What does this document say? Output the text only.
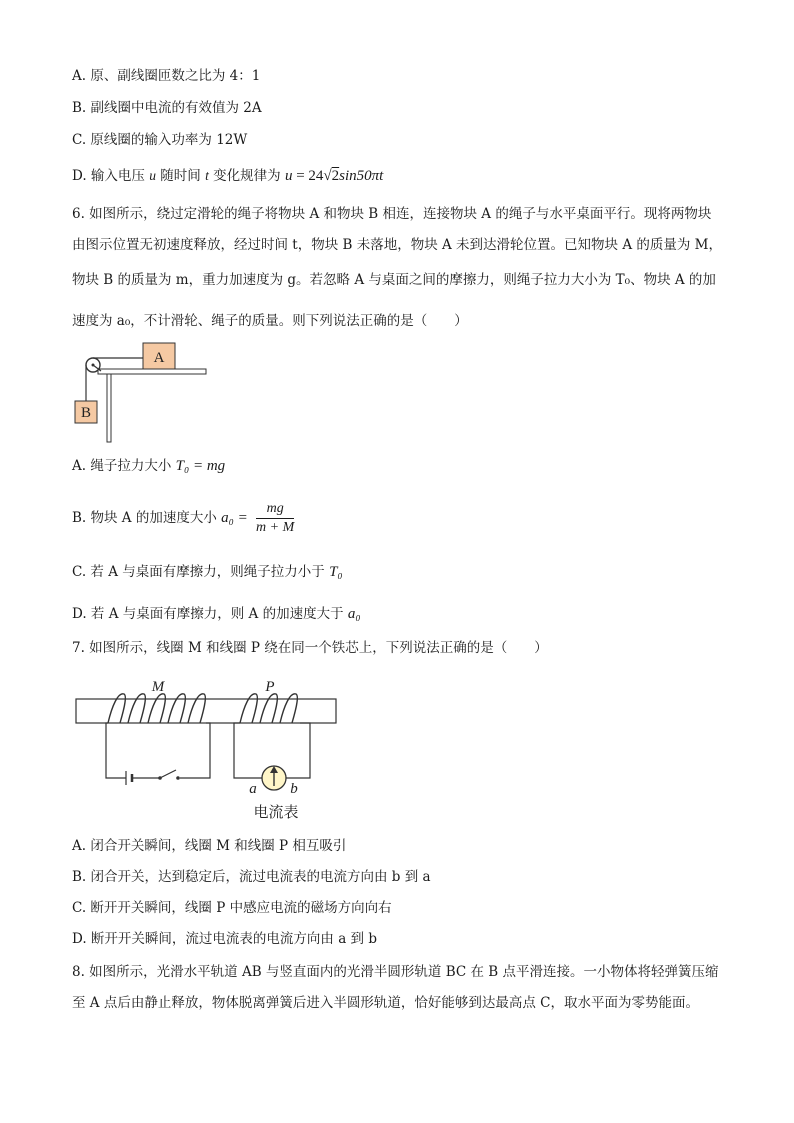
A. 原、副线圈匝数之比为 4：1
B. 副线圈中电流的有效值为 2A
C. 原线圈的输入功率为 12W
D. 输入电压 u 随时间 t 变化规律为 u = 24√2sin50πt
6. 如图所示，绕过定滑轮的绳子将物块 A 和物块 B 相连，连接物块 A 的绳子与水平桌面平行。现将两物块
由图示位置无初速度释放，经过时间 t，物块 B 未落地，物块 A 未到达滑轮位置。已知物块 A 的质量为 M，
物块 B 的质量为 m，重力加速度为 g。若忽略 A 与桌面之间的摩擦力，则绳子拉力大小为 T₀、物块 A 的加
速度为 a₀，不计滑轮、绳子的质量。则下列说法正确的是（　　）
A
B
A. 绳子拉力大小 T₀ = mg
B. 物块 A 的加速度大小 $a_0 = \frac{mg}{m + M}$
C. 若 A 与桌面有摩擦力，则绳子拉力小于 T₀
D. 若 A 与桌面有摩擦力，则 A 的加速度大于 a₀
7. 如图所示，线圈 M 和线圈 P 绕在同一个铁芯上，下列说法正确的是（　　）
M	P
a b
电流表
A. 闭合开关瞬间，线圈 M 和线圈 P 相互吸引
B. 闭合开关，达到稳定后，流过电流表的电流方向由 b 到 a
C. 断开开关瞬间，线圈 P 中感应电流的磁场方向向右
D. 断开开关瞬间，流过电流表的电流方向由 a 到 b
8. 如图所示，光滑水平轨道 AB 与竖直面内的光滑半圆形轨道 BC 在 B 点平滑连接。一小物体将轻弹簧压缩
至 A 点后由静止释放，物体脱离弹簧后进入半圆形轨道，恰好能够到达最高点 C，取水平面为零势能面。
